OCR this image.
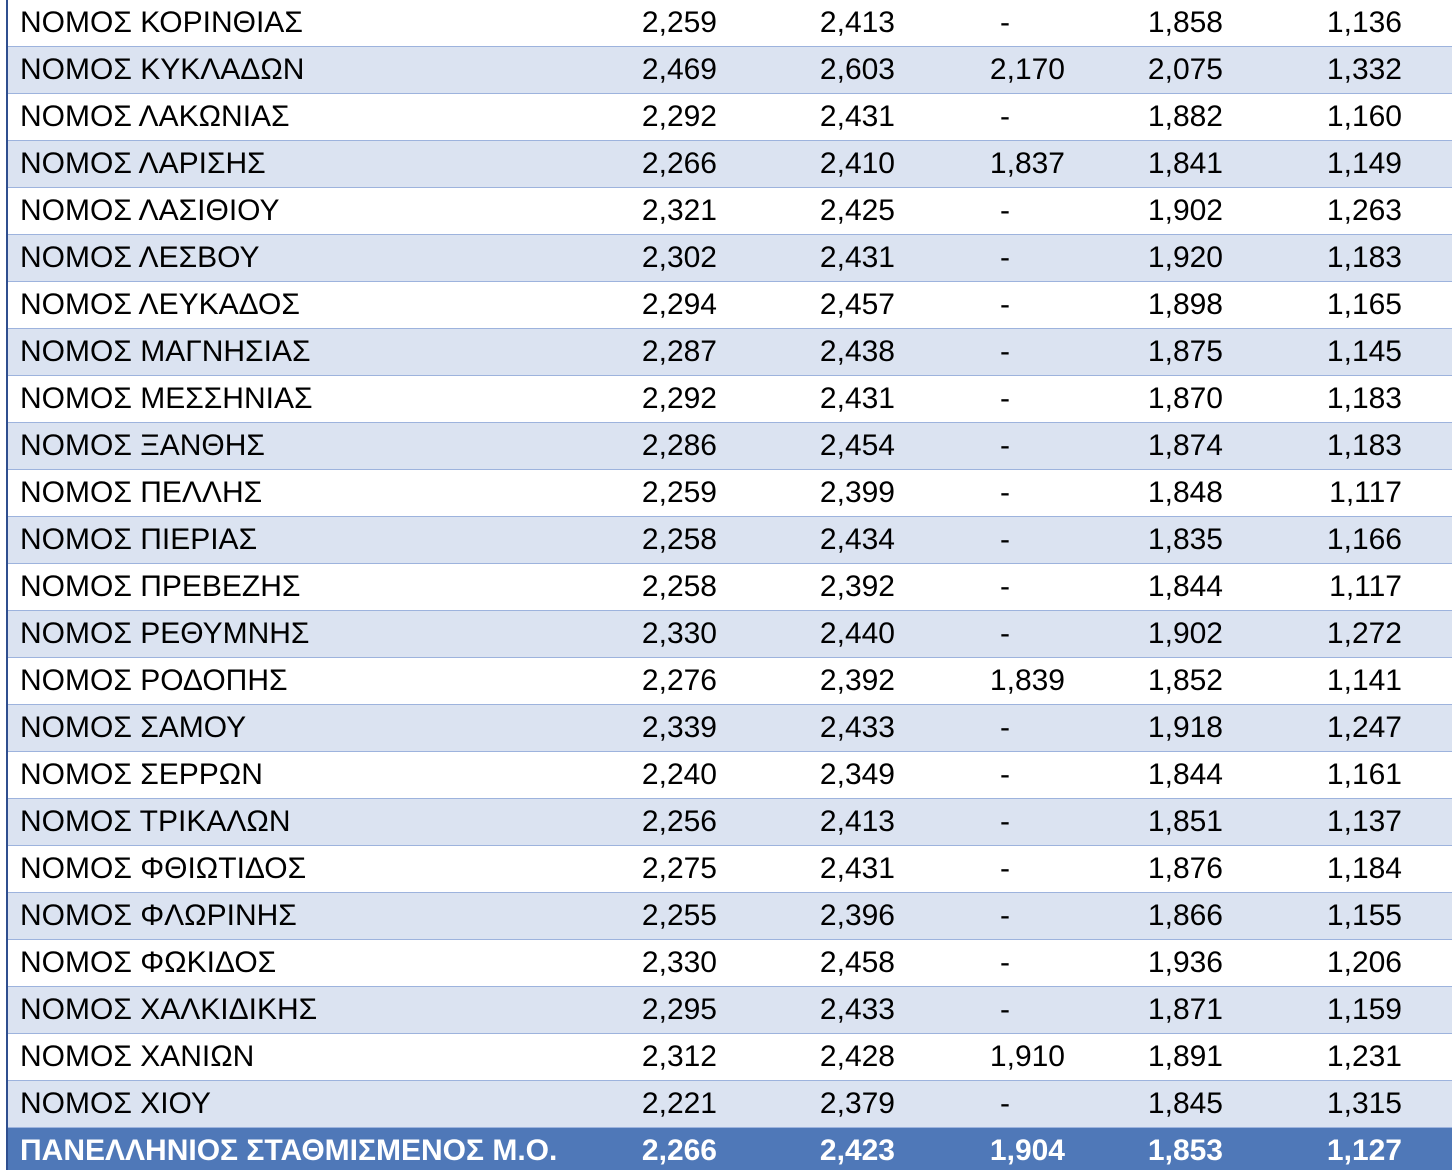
ΝΟΜΟΣ ΚΟΡΙΝΘΙΑΣ	2,259	2,413	-	1,858	1,136
ΝΟΜΟΣ ΚΥΚΛΑΔΩΝ	2,469	2,603	2,170	2,075	1,332
ΝΟΜΟΣ ΛΑΚΩΝΙΑΣ	2,292	2,431	-	1,882	1,160
ΝΟΜΟΣ ΛΑΡΙΣΗΣ	2,266	2,410	1,837	1,841	1,149
ΝΟΜΟΣ ΛΑΣΙΘΙΟΥ	2,321	2,425	-	1,902	1,263
ΝΟΜΟΣ ΛΕΣΒΟΥ	2,302	2,431	-	1,920	1,183
ΝΟΜΟΣ ΛΕΥΚΑΔΟΣ	2,294	2,457	-	1,898	1,165
ΝΟΜΟΣ ΜΑΓΝΗΣΙΑΣ	2,287	2,438	-	1,875	1,145
ΝΟΜΟΣ ΜΕΣΣΗΝΙΑΣ	2,292	2,431	-	1,870	1,183
ΝΟΜΟΣ ΞΑΝΘΗΣ	2,286	2,454	-	1,874	1,183
ΝΟΜΟΣ ΠΕΛΛΗΣ	2,259	2,399	-	1,848	1,117
ΝΟΜΟΣ ΠΙΕΡΙΑΣ	2,258	2,434	-	1,835	1,166
ΝΟΜΟΣ ΠΡΕΒΕΖΗΣ	2,258	2,392	-	1,844	1,117
ΝΟΜΟΣ ΡΕΘΥΜΝΗΣ	2,330	2,440	-	1,902	1,272
ΝΟΜΟΣ ΡΟΔΟΠΗΣ	2,276	2,392	1,839	1,852	1,141
ΝΟΜΟΣ ΣΑΜΟΥ	2,339	2,433	-	1,918	1,247
ΝΟΜΟΣ ΣΕΡΡΩΝ	2,240	2,349	-	1,844	1,161
ΝΟΜΟΣ ΤΡΙΚΑΛΩΝ	2,256	2,413	-	1,851	1,137
ΝΟΜΟΣ ΦΘΙΩΤΙΔΟΣ	2,275	2,431	-	1,876	1,184
ΝΟΜΟΣ ΦΛΩΡΙΝΗΣ	2,255	2,396	-	1,866	1,155
ΝΟΜΟΣ ΦΩΚΙΔΟΣ	2,330	2,458	-	1,936	1,206
ΝΟΜΟΣ ΧΑΛΚΙΔΙΚΗΣ	2,295	2,433	-	1,871	1,159
ΝΟΜΟΣ ΧΑΝΙΩΝ	2,312	2,428	1,910	1,891	1,231
ΝΟΜΟΣ ΧΙΟΥ	2,221	2,379	-	1,845	1,315
ΠΑΝΕΛΛΗΝΙΟΣ ΣΤΑΘΜΙΣΜΕΝΟΣ Μ.Ο.	2,266	2,423	1,904	1,853	1,127
